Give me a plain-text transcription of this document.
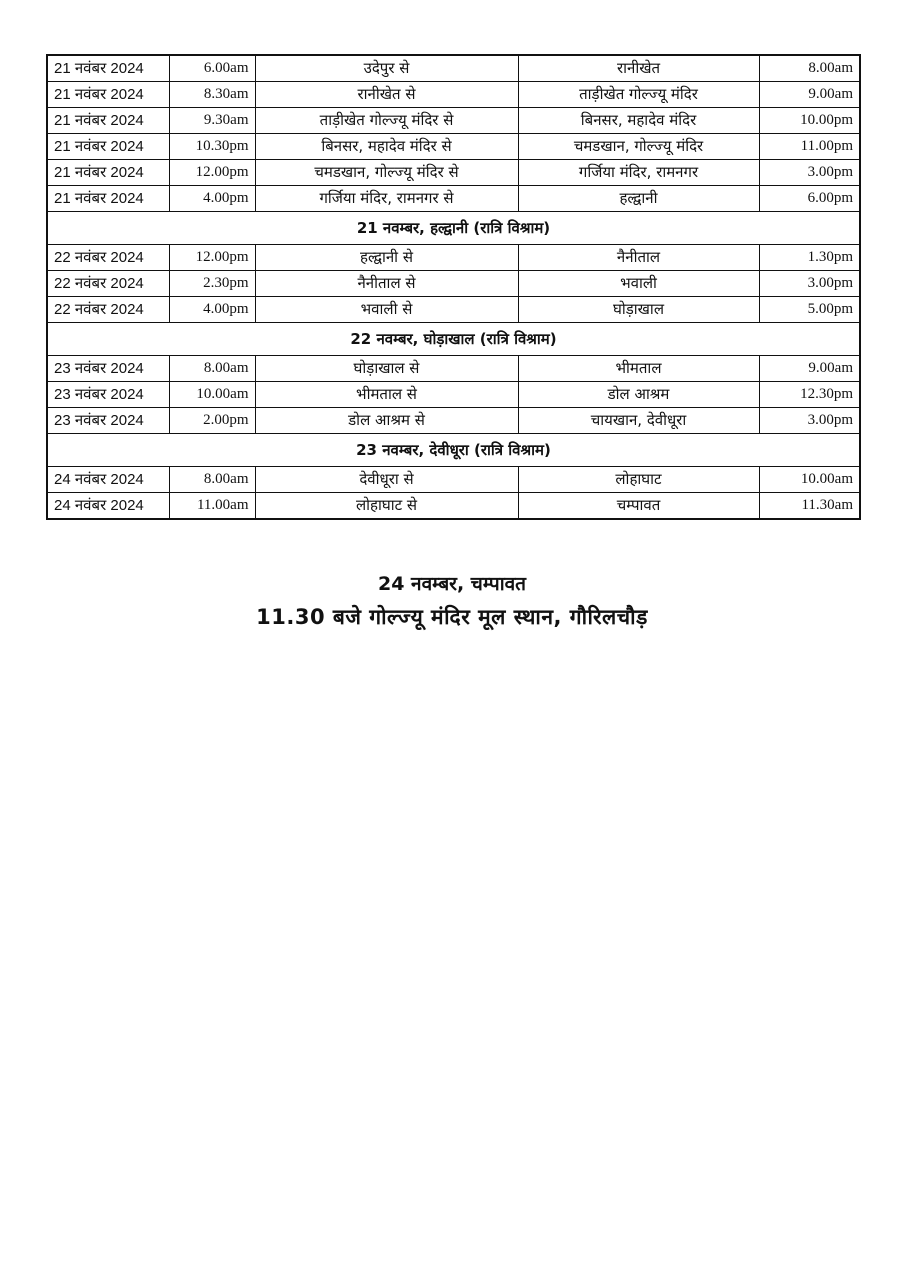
21 नवंबर 2024	6.00am	उदेपुर से	रानीखेत	8.00am
21 नवंबर 2024	8.30am	रानीखेत से	ताड़ीखेत गोल्ज्यू मंदिर	9.00am
21 नवंबर 2024	9.30am	ताड़ीखेत गोल्ज्यू मंदिर से	बिनसर, महादेव मंदिर	10.00pm
21 नवंबर 2024	10.30pm	बिनसर, महादेव मंदिर से	चमडखान, गोल्ज्यू मंदिर	11.00pm
21 नवंबर 2024	12.00pm	चमडखान, गोल्ज्यू मंदिर से	गर्जिया मंदिर, रामनगर	3.00pm
21 नवंबर 2024	4.00pm	गर्जिया मंदिर, रामनगर से	हल्द्वानी	6.00pm
21 नवम्बर, हल्द्वानी (रात्रि विश्राम)				
22 नवंबर 2024	12.00pm	हल्द्वानी से	नैनीताल	1.30pm
22 नवंबर 2024	2.30pm	नैनीताल से	भवाली	3.00pm
22 नवंबर 2024	4.00pm	भवाली से	घोड़ाखाल	5.00pm
22 नवम्बर, घोड़ाखाल (रात्रि विश्राम)				
23 नवंबर 2024	8.00am	घोड़ाखाल से	भीमताल	9.00am
23 नवंबर 2024	10.00am	भीमताल से	डोल आश्रम	12.30pm
23 नवंबर 2024	2.00pm	डोल आश्रम से	चायखान, देवीधूरा	3.00pm
23 नवम्बर, देवीधूरा (रात्रि विश्राम)				
24 नवंबर 2024	8.00am	देवीधूरा से	लोहाघाट	10.00am
24 नवंबर 2024	11.00am	लोहाघाट से	चम्पावत	11.30am
24 नवम्बर, चम्पावत
11.30 बजे गोल्ज्यू मंदिर मूल स्थान, गौरिलचौड़
